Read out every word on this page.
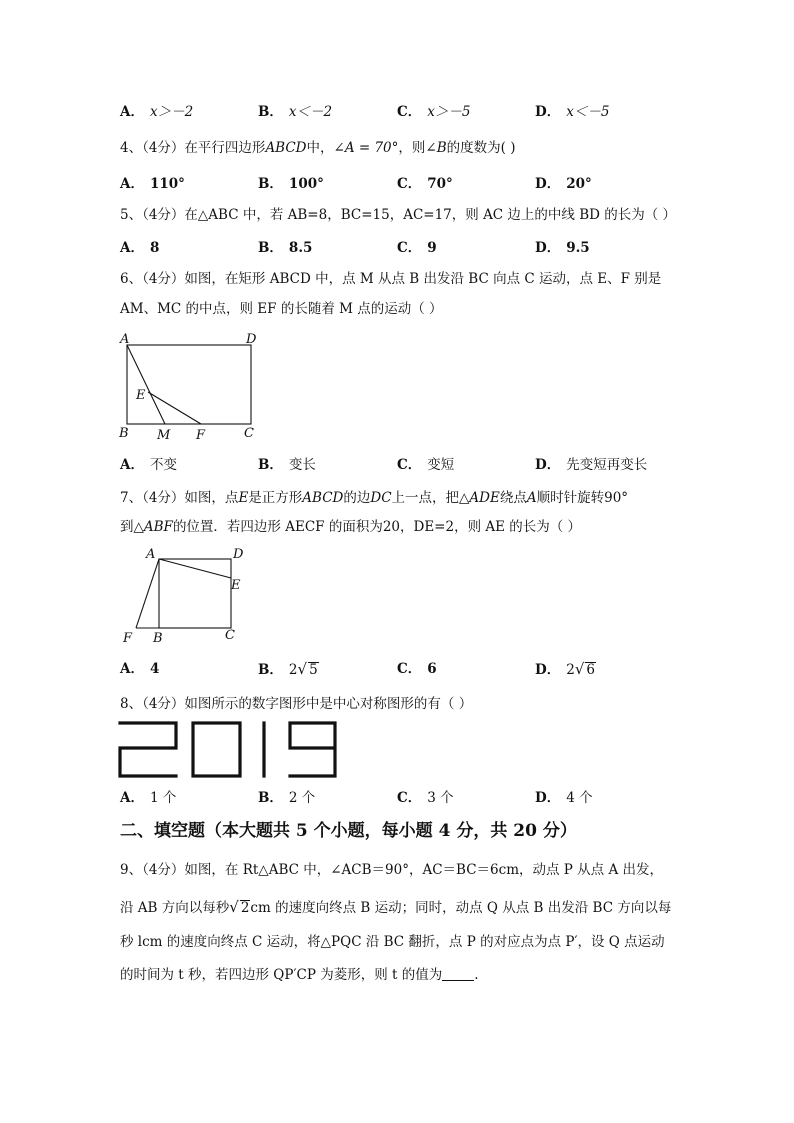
A． x＞－2	B． x＜－2	C． x＞－5	D． x＜－5
4、（4分）在平行四边形ABCD中，∠A = 70°，则∠B的度数为( )
A． 110°	B． 100°	C． 70°	D． 20°
5、（4分）在△ABC 中，若 AB=8，BC=15，AC=17，则 AC 边上的中线 BD 的长为（ ）
A． 8	B． 8.5	C． 9	D． 9.5
6、（4分）如图，在矩形 ABCD 中，点 M 从点 B 出发沿 BC 向点 C 运动，点 E、F 别是
AM、MC 的中点，则 EF 的长随着 M 点的运动（ ）
A	D
E
B M F	C
A	D
E
F B	C
A． 不变	B． 变长	C． 变短	D． 先变短再变长
7、（4分）如图，点E是正方形ABCD的边DC上一点，把△ADE绕点A顺时针旋转90°
到△ABF的位置．若四边形 AECF 的面积为20，DE=2，则 AE 的长为（ ）
A． 4	B． 2√ 5	C． 6	D． 2√ 6
8、（4分）如图所示的数字图形中是中心对称图形的有（ ）
A． 1 个	B． 2 个	C． 3 个	D． 4 个
二、填空题（本大题共 5 个小题，每小题 4 分，共 20 分）
9、（4分）如图，在 Rt△ABC 中，∠ACB＝90°，AC＝BC＝6cm，动点 P 从点 A 出发，
沿 AB 方向以每秒√ 2cm 的速度向终点 B 运动；同时，动点 Q 从点 B 出发沿 BC 方向以每
秒 lcm 的速度向终点 C 运动，将△PQC 沿 BC 翻折，点 P 的对应点为点 P′，设 Q 点运动
的时间为 t 秒，若四边形 QP′CP 为菱形，则 t 的值为 .
